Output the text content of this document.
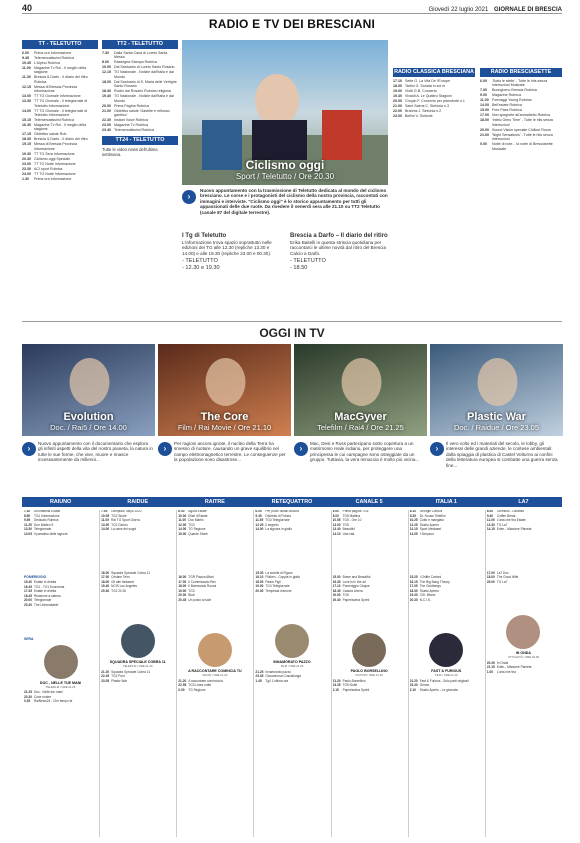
40	Giovedì 22 luglio 2021 GIORNALE DI BRESCIA
RADIO E TV DEI BRESCIANI
TT - TELETUTTO
6.00	Prima ora Informazione
9.45	Telemercatissimi Rubrica
10.45 L'Alpino Rubrica
11.00 Magazine Tv Rol - Il meglio della stagione
11.30 Brescia & Darfo - Il diario del ritiro Rubrica
12.15 Messa di Brescia Provincia Informazione
13.00 TT TG Giornale Informazione
13.30 TT TG Giornale - Il telegiornale di Teletutto Informazione
14.00 TT TG Giornale - Il telegiornale di Teletutto Informazione
15.15 Telemercatissimi Rubrica
16.30 Magazine Tv Rol - Il meglio della stagione
17.15 Obiettivo salute Rub.
18.30 Brescia & Darfo - Il diario del ritiro
19.15 Messa di Brescia Provincia Informazione
19.30 TT TG Sera Informazione
20.30 Ciclismo oggi Speciale
23.00 TT TG Notte Informazione
23.30 ACI sport Rubrica
24.00 TT TG Notte Informazione
1.30	Prima ora Informazione
TT2 - TELETUTTO
7.30	Dalla Santa Casa di Loreto Santa Messa
8.00	Rassegna Stampa Rubrica
10.00 Dal Santuario di Loreto Santo Rosario
12.15 TG Nazionale - Notizie dall'Italia e dal Mondo
18.00 Dal Santuario di S. Maria delle Vertighe Santo Rosario
18.30 Rocilo dal Rosario Rubrica religiosa
19.40 TG Nazionale - Notizie dall'Italia e dal Mondo
20.00 Prima Pagina Rubrica
21.00 Obiettivo salute 'Gastrite e reflusso gastrico'
22.30 Instant Voice Rubrica
23.00 Magazine Tv Rubrica
23.40 Telemercatissimi Rubrica
TT24 - TELETUTTO
Tutte le video news dell'ultima settimana.
Ciclismo oggi
Sport / Teletutto / Ore 20.30
›
Nuovo appuntamento con la trasmissione di Teletutto dedicata al mondo del ciclismo bresciano. Le corse e i protagonisti del ciclismo della nostra provincia, raccontati con immagini e interviste. "Ciclismo oggi" è lo storico appuntamento per tutti gli appassionati delle due ruote. Da rivedere il venerdì sera alle 21.10 su TT2 Teletutto (canale 87 del digitale terrestre).
I Tg di Teletutto
L'informazione trova spazio soprattutto nelle edizioni dei TG alle 12.30 (repliche 13.30 e 14.00) e alle 19.30 (repliche 23.00 e 00.30).
- TELETUTTO
- 12.30 e 19.30
Brescia a Darfo – Il diario del ritiro
Erika Baitelli in questa striscia quotidiana per raccontarci le ultime novità dal ritiro del Brescia Calcio a Darfo.
- TELETUTTO
- 18.50
RADIO CLASSICA BRESCIANA
17.10 Sette G. La Vita De l'Europe
18.00 Tartini G. Sonata in sol m
19.00 Viotti G.B. Concerto
19.30 Vivaldi A. Le Quattro Stagioni
20.00 Chopin F. Concerto per pianoforte n.1
21.00 Saint Saens C. Sinfonia n.3
22.00 Brahms J. Sinfonia n.2
23.00 Bellini V. Sinfonie
RADIO BRESCIASETTE
6.00	'Sotto le stelle' - Tutte le hits senza interruzioni Musicale
7.00	Buongiorno Brescia Rubrica
9.00	Magazine Rubrica
11.00 Formaggi Young Rubrica
14.00 Bell'estate Rubrica
15.00 Free Pass Rubrica
17.00 Non spegnete all'armadietto Rubrica
18.00 'Intelo Orino Time' - Tutte le hits senza interruzioni
20.00 Sound Vision speciale Chillout Room
21.00 'Night Sensations' - Tutte le hits senza interruzioni
0.00	Notte di note... la notte di Bresciasette Musicale
OGGI IN TV
Evolution
Doc. / Rai5 / Ore 14.00
The Core
Film / Rai Movie / Ore 21.10
MacGyver
Telefilm / Rai4 / Ore 21.25
Plastic War
Doc. / Raidue / Ore 23.05
›
Nuovo appuntamento con il documentario che esplora gli infiniti aspetti della vita del nostro pianeta, la natura in tutte le sue forme, che vive, muore e rinasce incessantemente da millenni...
›
Per ragioni ancora ignote, il nucleo della Terra ha smesso di ruotare, causando un grave squilibrio nel campo elettromagnetico terrestre. Le conseguenze per la popolazione sono disastrose...
›
Mac, Desi e Russ partecipano sotto copertura a un matrimonio reale indiano, per proteggere una principessa le cui campagne sono osteggiate da un gruppo. Tuttavia, la vera minaccia è molto più vicina...
›
Il vero volto ed i materiali del secolo, le lobby, gli interessi delle grandi aziende, le contese ambientali: dalla spiaggia di plastica di Castel Volturno ai confini della letteratura europea si combatte una guerra senza fine...
RAIUNO	RAIDUE	RAITRE	RETEQUATTRO	CANALE 5	ITALIA 1	LA7
7.10	Unomattina Estate
8.50	TG1 Informazione
9.55	Dedicato Rubrica
11.25 Don Matteo 9
13.30 Telegiornale
14.05 Il paradiso delle signore
POMERIGGIO
15.40 Estate in diretta
16.45 TG1 - TG1 Economia
17.45 Estate in diretta
18.45 Reazione a catena
20.00 Telegiornale
20.30 The Unbreakable
SERA
DOC - NELLE TUE MANI
TELEFILM / ORE 21.25
21.25 Doc - Nelle tue mani
23.30 Cose nostre
0.35	RaiNews24 - Che tempo fa
7.00	Olimpiadi Tokyo 2020
10.05 TG2 Storie
11.05 Rai TG Sport Giorno
13.00 TG2 Giorno
14.00 La nave dei sogni
16.00 Squadra Speciale Cobra 11
17.00 Cristine Teim
18.00 Gli altri fantasmi
19.40 NCIS Los Angeles
20.30 TG2 20.30
SQUADRA SPECIALE COBRA 11
TELEFILM / ORE 21.20
21.20 Squadra Speciale Cobra 11
22.45 TG2 Post
23.05 Plastic War
6.00	Agorà Estate
10.00 Elisir d'Estate
11.00 Doc Martin
12.00 TG3
14.00 TG Regione
15.00 Quante Storie
16.00 TGR Piazza Affari
17.00 Il Commissario Rex
18.00 Il Marescialo Rocca
19.00 TG3
20.00 Blob
20.45 Un posto al sole
A RACCONTARE COMINCIA TU
SHOW / ORE 21.20
21.20 A raccontare comincia tu
22.55 TG3 Linea notte
0.00	TG Regione
6.00	Per pochi dollari ancora
9.45	Distretto di Polizia
11.55 TG4 Telegiornale
12.25 Il segreto
14.00 La signora in giallo
15.30 La sorella di Figaro
16.10 Flikken - Coppia in giallo
18.00 Padre Figli
19.00 TG4 Telegiornale
20.30 Tempesta d'amore
INNAMORATO PAZZO
FILM / ORE 21.25
21.25 Innamorato pazzo
23.35 Giovannona Coscialunga
1.45	Tg4 L'ultima ora
6.00	Prima pagina TG5
8.00	TG5 Mattina
10.55 TG5 - Ore 10
13.00 TG5
13.40 Beautiful
14.10 Una vita
15.00 Brave and Beautiful
16.35 Love is in the air
17.10 Pomeriggio Cinque
18.45 Caduta Libera
20.00 TG5
20.40 Paperissima Sprint
PAOLO BORSELLINO
FICTION / ORE 21.20
21.20 Paolo Borsellino
23.35 TG5 Notte
0.15	Paperissima Sprint
8.10	Georgie Cartoni
8.35	Dr. House Telefilm
10.25 Cotto e mangiato
12.25 Studio Aperto
13.15 Sport Mediaset
14.05 I Simpson
15.25 I Griffin Cartoni
16.15 The Big Bang Theory
17.05 The Goldbergs
18.30 Studio Aperto
19.30 CSI: Miami
20.30 N.C.I.S.
FAST & FURIOUS
FILM / ORE 21.20
21.20 Fast & Furious - Solo parti originali
23.30 Grimm
2.10	Studio Aperto - La giornata
6.00	Omnibus - Dibattito
9.40	Coffee Break
11.00 L'aria che tira Estate
13.30 TG La7
14.15 Eden - Missione Pianeta
17.00 La7 Doc
18.00 The Good Wife
20.00 TG La7
IN ONDA
ATTUALITÀ / ORE 20.35
20.35 In Onda
21.15 Eden - Missione Pianeta
1.00	L'aria che tira
